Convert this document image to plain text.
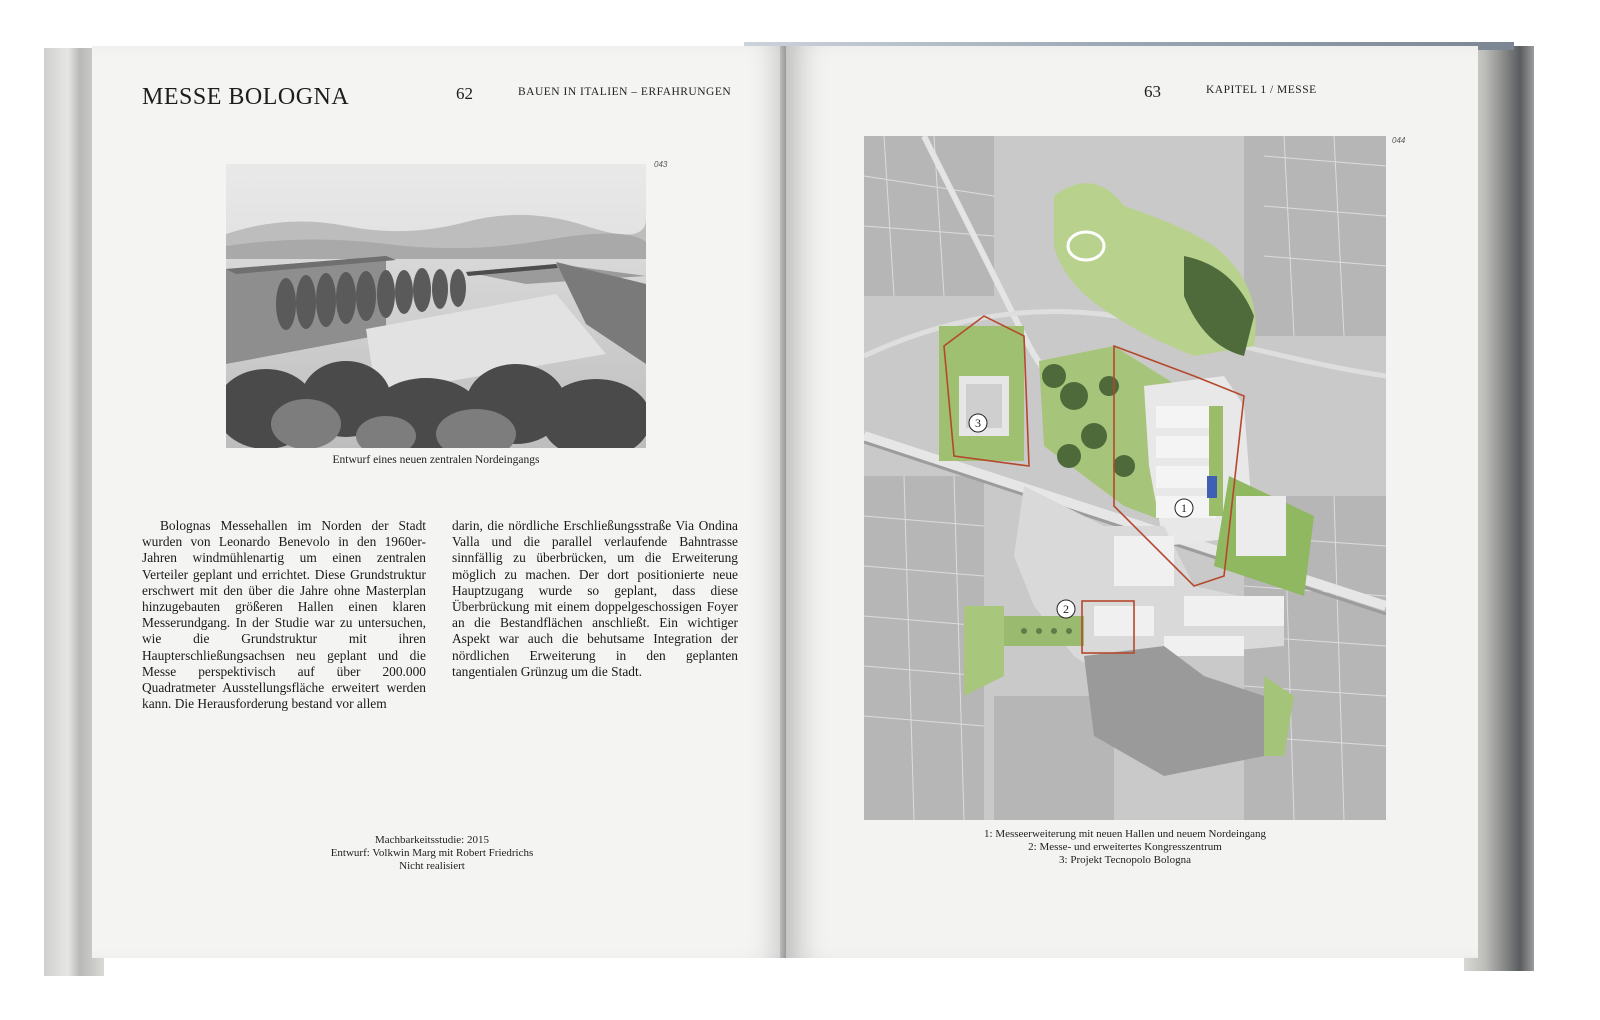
MESSE BOLOGNA	62	BAUEN IN ITALIEN – ERFAHRUNGEN
043
Entwurf eines neuen zentralen Nordeingangs

Bolognas Messehallen im Norden der Stadt wurden von Leonardo Benevolo in den 1960er-Jahren windmühlenartig um einen zentralen Verteiler geplant und errichtet. Diese Grundstruktur erschwert mit den über die Jahre ohne Masterplan hinzugebauten größeren Hallen einen klaren Messerundgang. In der Studie war zu untersuchen, wie die Grundstruktur mit ihren Haupterschließungsachsen neu geplant und die Messe perspektivisch auf über 200.000 Quadratmeter Ausstellungsfläche erweitert werden kann. Die Herausforderung bestand vor allem

darin, die nördliche Erschließungsstraße Via Ondina Valla und die parallel verlaufende Bahntrasse sinnfällig zu überbrücken, um die Erweiterung möglich zu machen. Der dort positionierte neue Hauptzugang wurde so geplant, dass diese Überbrückung mit einem doppelgeschossigen Foyer an die Bestandflächen anschließt. Ein wichtiger Aspekt war auch die behutsame Integration der nördlichen Erweiterung in den geplanten tangentialen Grünzug um die Stadt.

Machbarkeitsstudie: 2015
Entwurf: Volkwin Marg mit Robert Friedrichs
Nicht realisiert
63	KAPITEL 1 / MESSE
044
1
2
3
1: Messeerweiterung mit neuen Hallen und neuem Nordeingang
2: Messe- und erweitertes Kongresszentrum
3: Projekt Tecnopolo Bologna
